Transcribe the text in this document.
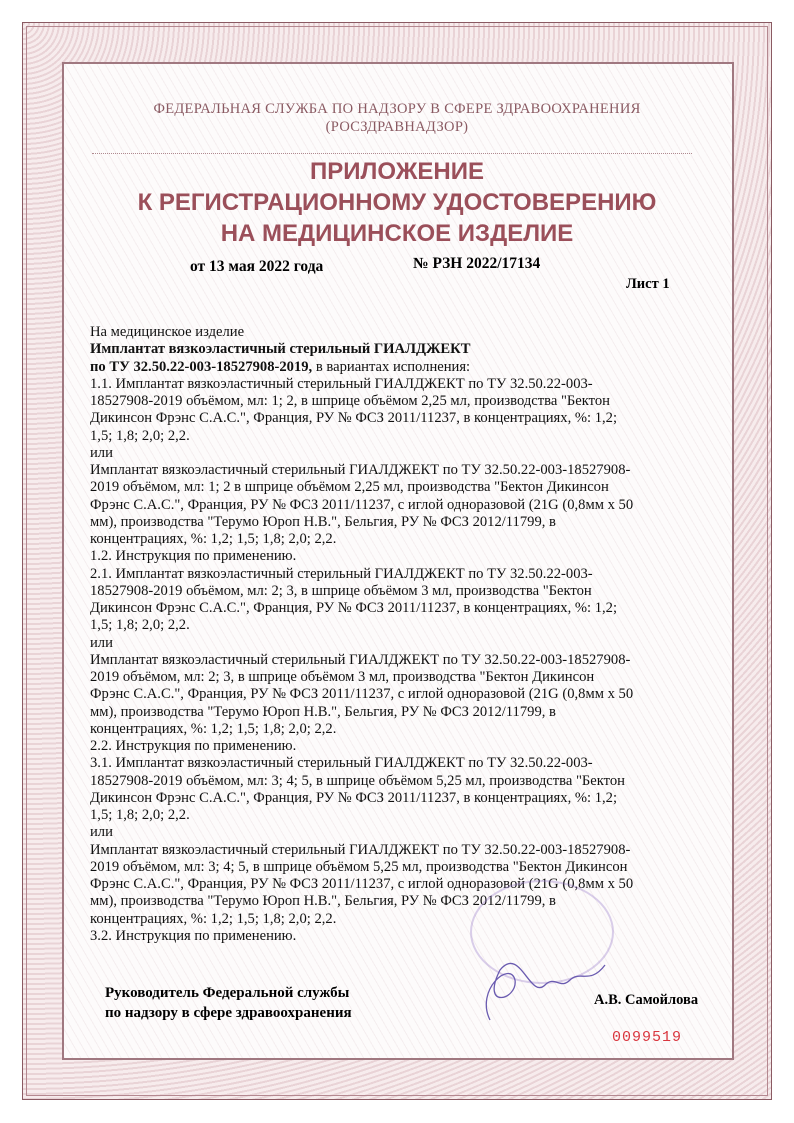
ФЕДЕРАЛЬНАЯ СЛУЖБА ПО НАДЗОРУ В СФЕРЕ ЗДРАВООХРАНЕНИЯ
(РОСЗДРАВНАДЗОР)
ПРИЛОЖЕНИЕ
К РЕГИСТРАЦИОННОМУ УДОСТОВЕРЕНИЮ
НА МЕДИЦИНСКОЕ ИЗДЕЛИЕ
от 13 мая 2022 года	№ РЗН 2022/17134
Лист 1
На медицинское изделие
Имплантат вязкоэластичный стерильный ГИАЛДЖЕКТ
по ТУ 32.50.22-003-18527908-2019, в вариантах исполнения:
1.1. Имплантат вязкоэластичный стерильный ГИАЛДЖЕКТ по ТУ 32.50.22-003-
18527908-2019 объёмом, мл: 1; 2, в шприце объёмом 2,25 мл, производства "Бектон
Дикинсон Фрэнс С.А.С.", Франция, РУ № ФСЗ 2011/11237, в концентрациях, %: 1,2;
1,5; 1,8; 2,0; 2,2.
или
Имплантат вязкоэластичный стерильный ГИАЛДЖЕКТ по ТУ 32.50.22-003-18527908-
2019 объёмом, мл: 1; 2 в шприце объёмом 2,25 мл, производства "Бектон Дикинсон
Фрэнс С.А.С.", Франция, РУ № ФСЗ 2011/11237, с иглой одноразовой (21G (0,8мм х 50
мм), производства "Терумо Юроп Н.В.", Бельгия, РУ № ФСЗ 2012/11799, в
концентрациях, %: 1,2; 1,5; 1,8; 2,0; 2,2.
1.2. Инструкция по применению.
2.1. Имплантат вязкоэластичный стерильный ГИАЛДЖЕКТ по ТУ 32.50.22-003-
18527908-2019 объёмом, мл: 2; 3, в шприце объёмом 3 мл, производства "Бектон
Дикинсон Фрэнс С.А.С.", Франция, РУ № ФСЗ 2011/11237, в концентрациях, %: 1,2;
1,5; 1,8; 2,0; 2,2.
или
Имплантат вязкоэластичный стерильный ГИАЛДЖЕКТ по ТУ 32.50.22-003-18527908-
2019 объёмом, мл: 2; 3, в шприце объёмом 3 мл, производства "Бектон Дикинсон
Фрэнс С.А.С.", Франция, РУ № ФСЗ 2011/11237, с иглой одноразовой (21G (0,8мм х 50
мм), производства "Терумо Юроп Н.В.", Бельгия, РУ № ФСЗ 2012/11799, в
концентрациях, %: 1,2; 1,5; 1,8; 2,0; 2,2.
2.2. Инструкция по применению.
3.1. Имплантат вязкоэластичный стерильный ГИАЛДЖЕКТ по ТУ 32.50.22-003-
18527908-2019 объёмом, мл: 3; 4; 5, в шприце объёмом 5,25 мл, производства "Бектон
Дикинсон Фрэнс С.А.С.", Франция, РУ № ФСЗ 2011/11237, в концентрациях, %: 1,2;
1,5; 1,8; 2,0; 2,2.
или
Имплантат вязкоэластичный стерильный ГИАЛДЖЕКТ по ТУ 32.50.22-003-18527908-
2019 объёмом, мл: 3; 4; 5, в шприце объёмом 5,25 мл, производства "Бектон Дикинсон
Фрэнс С.А.С.", Франция, РУ № ФСЗ 2011/11237, с иглой одноразовой (21G (0,8мм х 50
мм), производства "Терумо Юроп Н.В.", Бельгия, РУ № ФСЗ 2012/11799, в
концентрациях, %: 1,2; 1,5; 1,8; 2,0; 2,2.
3.2. Инструкция по применению.
Руководитель Федеральной службы
по надзору в сфере здравоохранения
А.В. Самойлова
0099519
